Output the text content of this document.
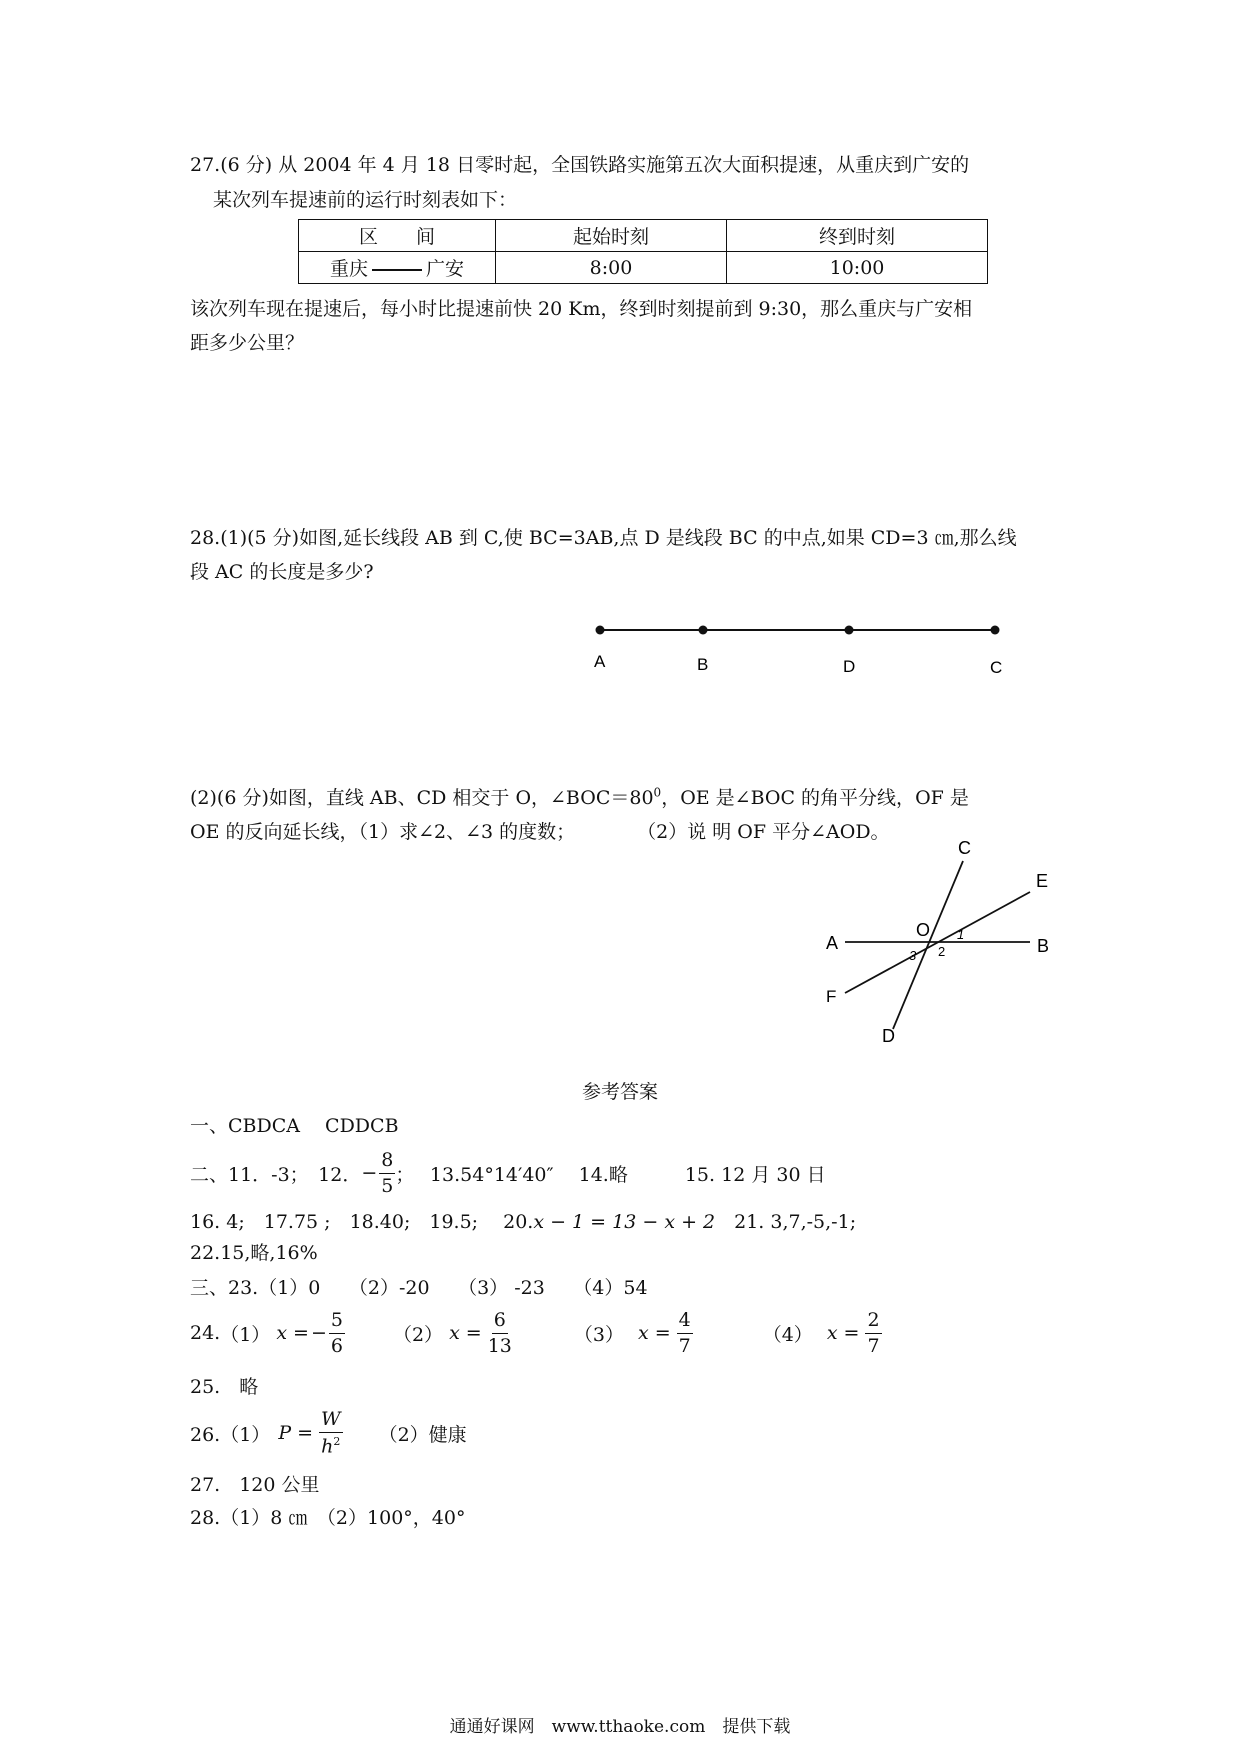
27.(6 分) 从 2004 年 4 月 18 日零时起，全国铁路实施第五次大面积提速，从重庆到广安的
某次列车提速前的运行时刻表如下：
区　　间	起始时刻	终到时刻
重庆 广安	8:00	10:00
该次列车现在提速后，每小时比提速前快 20 Km，终到时刻提前到 9:30，那么重庆与广安相
距多少公里？
28.(1)(5 分)如图,延长线段 AB 到 C,使 BC=3AB,点 D 是线段 BC 的中点,如果 CD=3 ㎝,那么线
段 AC 的长度是多少?
A	B	D	C
(2)(6 分)如图，直线 AB、CD 相交于 O，$\angle BOC=80^0$，OE 是∠BOC 的角平分线，OF 是
OE 的反向延长线，（1）求∠2、∠3 的度数；	（2）说 明 OF 平分∠AOD。
C
E
A	B
O
F
D
1
2
3
参考答案
一、CBDCA　 CDDCB
二、11．-3；　12． − $\frac{8}{5}$ ；　 13.54°14′40″　 14.略　　　15. 12 月 30 日
16. 4;　17.75 ;　18.40;　19.5;　 20.x − 1 = 13 − x + 2　21. 3,7,-5,-1;
22.15,略,16%
三、23.（1）0　　（2）-20　　（3） -23　　（4）54
24. （1） x = − $\frac{5}{6}$	（2） $x = \frac{6}{13}$	（3） $x = \frac{4}{7}$	（4） $x = \frac{2}{7}$
25.　略
26.（1） $P = \frac{W}{h^2} (2)$健康
27.　120 公里
28.（1）8 ㎝　（2）100°，40°
通通好课网　www.tthaoke.com　提供下载
